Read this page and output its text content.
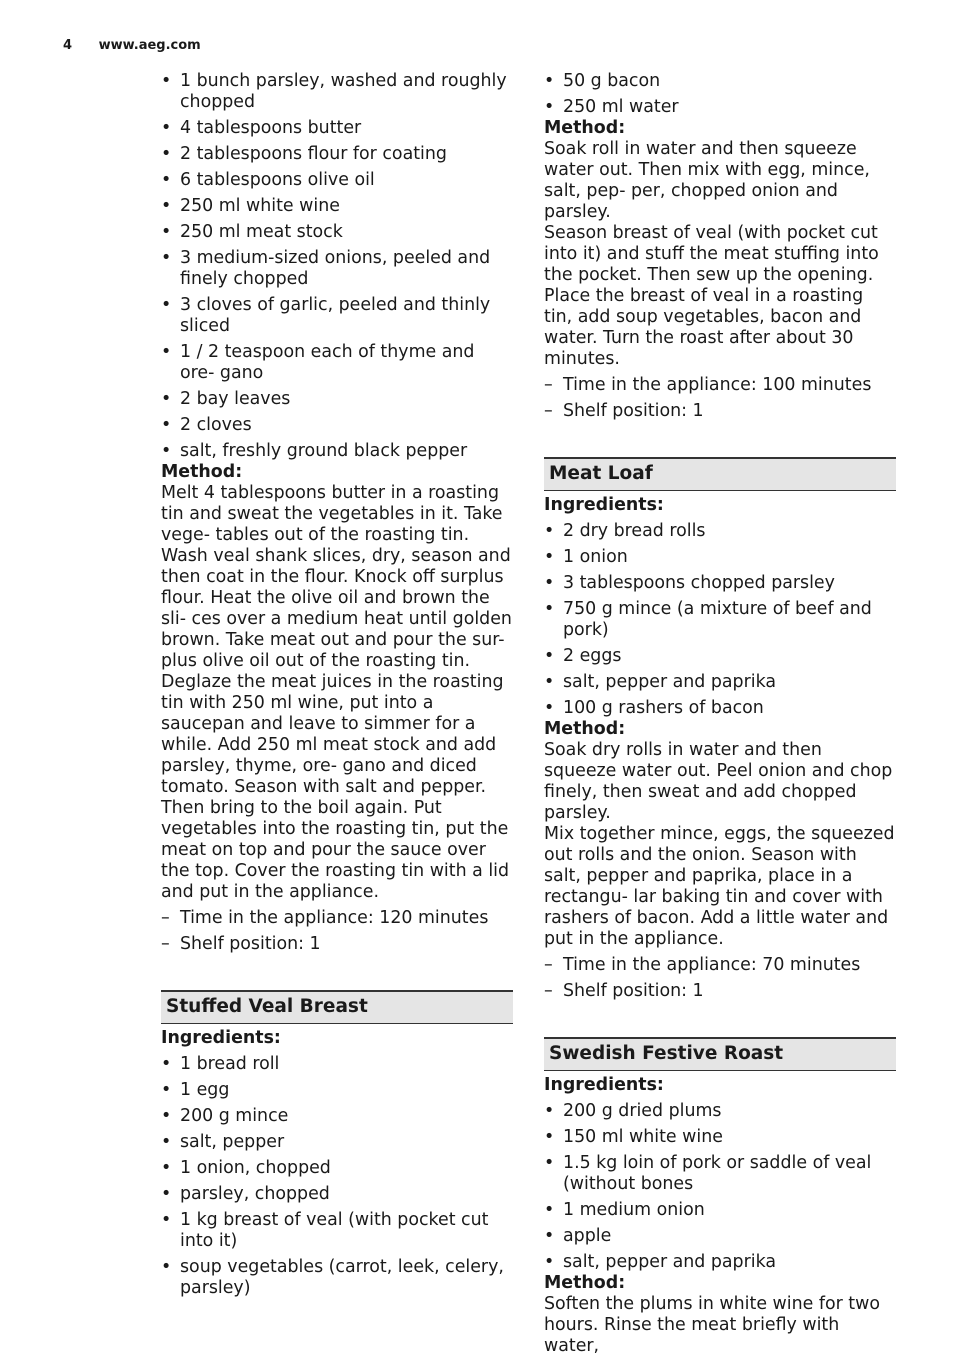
4 www.aeg.com
• 1 bunch parsley, washed and roughly chopped
• 4 tablespoons butter
• 2 tablespoons flour for coating
• 6 tablespoons olive oil
• 250 ml white wine
• 250 ml meat stock
• 3 medium-sized onions, peeled and finely chopped
• 3 cloves of garlic, peeled and thinly sliced
• 1 / 2 teaspoon each of thyme and ore- gano
• 2 bay leaves
• 2 cloves
• salt, freshly ground black pepper
Method:

Melt 4 tablespoons butter in a roasting tin and sweat the vegetables in it. Take vege- tables out of the roasting tin.

Wash veal shank slices, dry, season and then coat in the flour. Knock off surplus flour. Heat the olive oil and brown the sli- ces over a medium heat until golden brown. Take meat out and pour the sur- plus olive oil out of the roasting tin.

Deglaze the meat juices in the roasting tin with 250 ml wine, put into a saucepan and leave to simmer for a while. Add 250 ml meat stock and add parsley, thyme, ore- gano and diced tomato. Season with salt and pepper. Then bring to the boil again. Put vegetables into the roasting tin, put the meat on top and pour the sauce over the top. Cover the roasting tin with a lid and put in the appliance.

– Time in the appliance: 120 minutes
– Shelf position: 1
Stuffed Veal Breast
Ingredients:
• 1 bread roll
• 1 egg
• 200 g mince
• salt, pepper
• 1 onion, chopped
• parsley, chopped
• 1 kg breast of veal (with pocket cut into it)
• soup vegetables (carrot, leek, celery, parsley)
• 50 g bacon
• 250 ml water
Method:

Soak roll in water and then squeeze water out. Then mix with egg, mince, salt, pep- per, chopped onion and parsley.

Season breast of veal (with pocket cut into it) and stuff the meat stuffing into the pocket. Then sew up the opening.

Place the breast of veal in a roasting tin, add soup vegetables, bacon and water. Turn the roast after about 30 minutes.

– Time in the appliance: 100 minutes
– Shelf position: 1
Meat Loaf
Ingredients:
• 2 dry bread rolls
• 1 onion
• 3 tablespoons chopped parsley
• 750 g mince (a mixture of beef and pork)
• 2 eggs
• salt, pepper and paprika
• 100 g rashers of bacon
Method:

Soak dry rolls in water and then squeeze water out. Peel onion and chop finely, then sweat and add chopped parsley.

Mix together mince, eggs, the squeezed out rolls and the onion. Season with salt, pepper and paprika, place in a rectangu- lar baking tin and cover with rashers of bacon. Add a little water and put in the appliance.

– Time in the appliance: 70 minutes
– Shelf position: 1
Swedish Festive Roast
Ingredients:
• 200 g dried plums
• 150 ml white wine
• 1.5 kg loin of pork or saddle of veal (without bones
• 1 medium onion
• apple
• salt, pepper and paprika
Method:

Soften the plums in white wine for two hours. Rinse the meat briefly with water,
